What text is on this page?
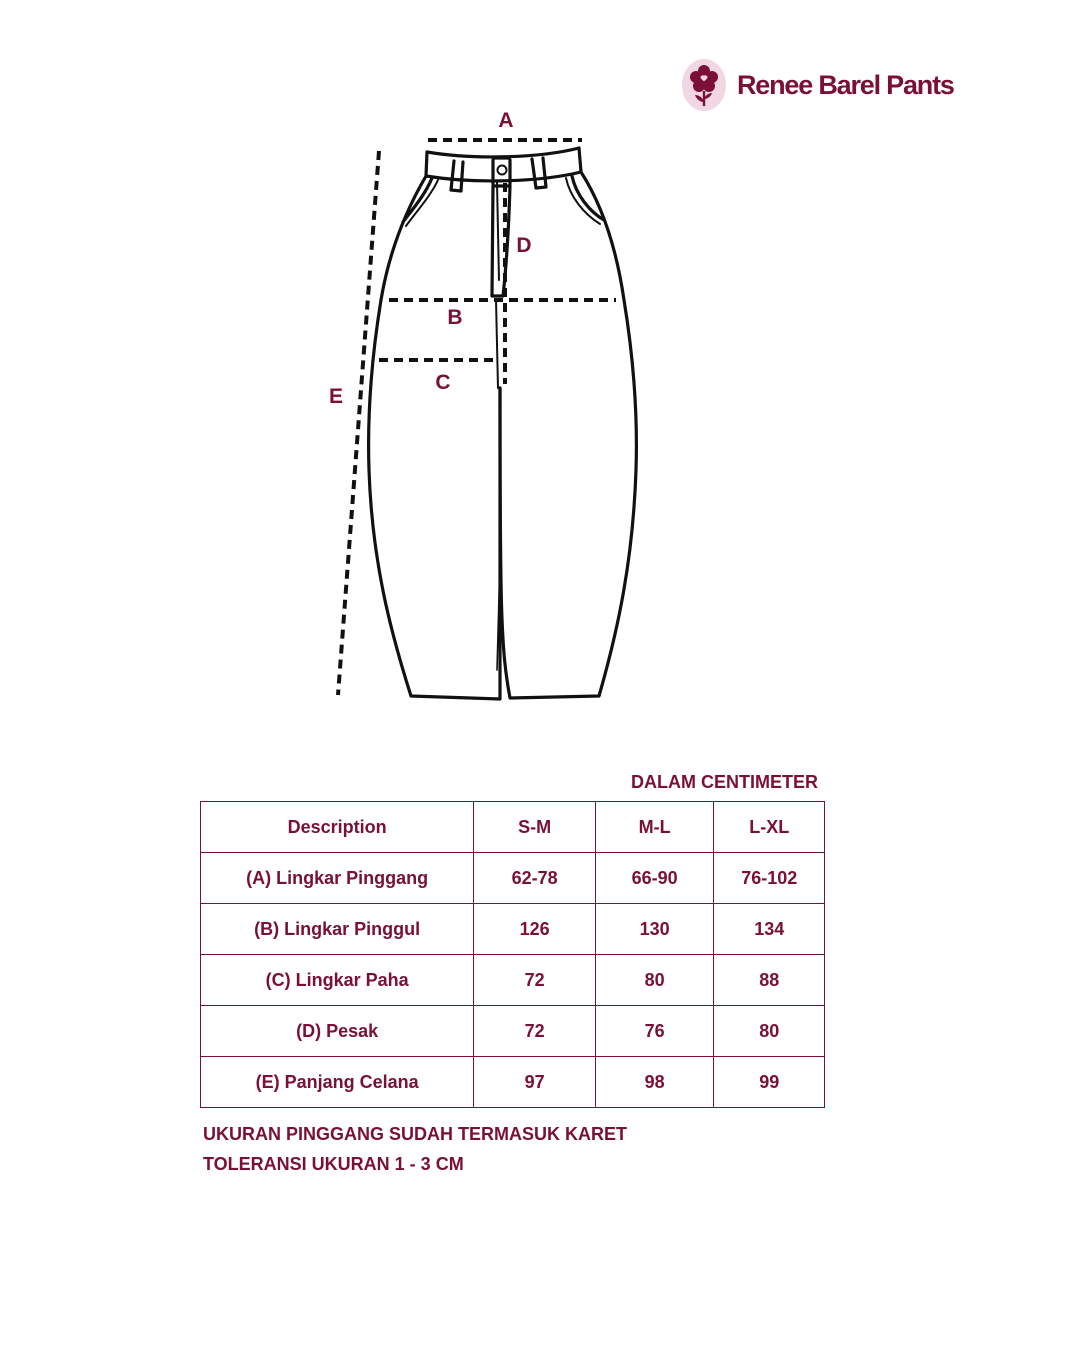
Renee Barel Pants
A
D
B
C
E
DALAM CENTIMETER
Description	S-M	M-L	L-XL
(A) Lingkar Pinggang	62-78	66-90	76-102
(B) Lingkar Pinggul	126	130	134
(C) Lingkar Paha	72	80	88
(D) Pesak	72	76	80
(E) Panjang Celana	97	98	99
UKURAN PINGGANG SUDAH TERMASUK KARET
TOLERANSI UKURAN 1 - 3 CM
